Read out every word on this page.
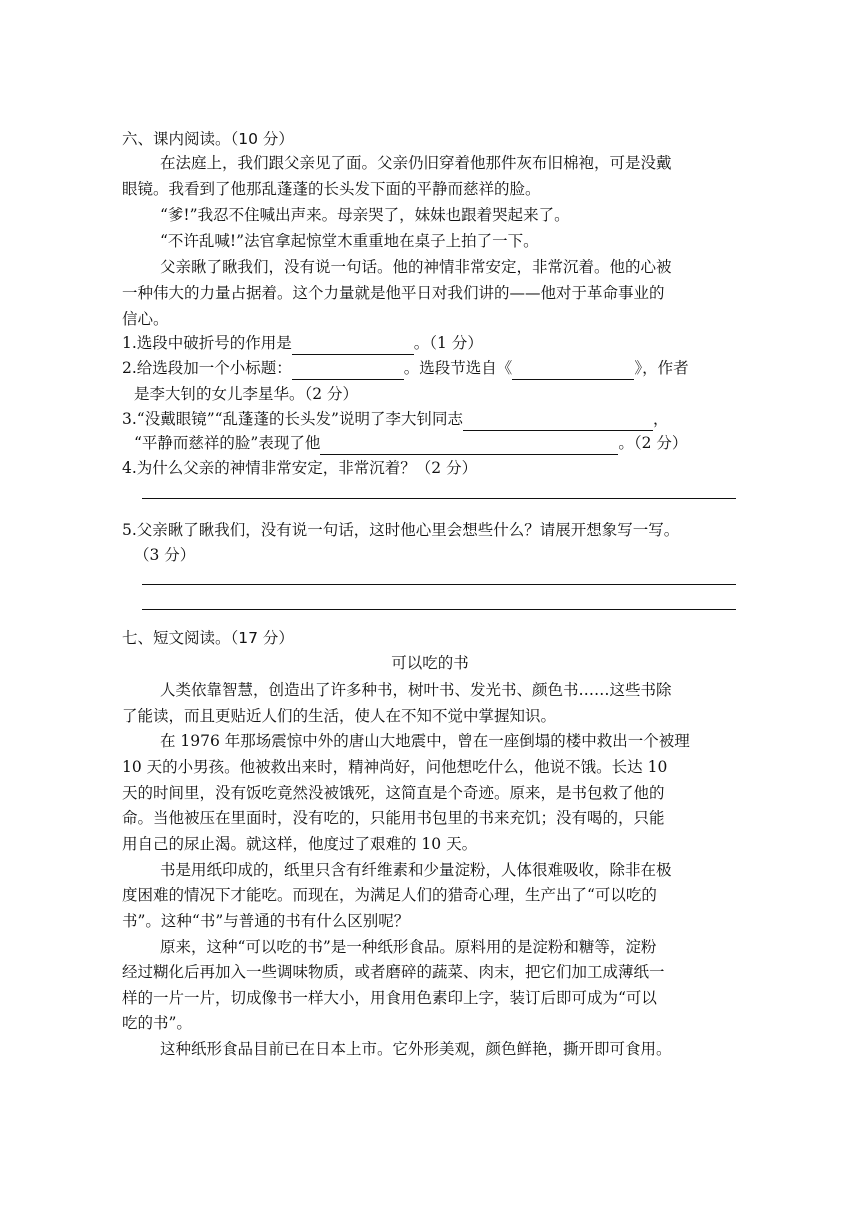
六、课内阅读。（10 分）
在法庭上，我们跟父亲见了面。父亲仍旧穿着他那件灰布旧棉袍，可是没戴
眼镜。我看到了他那乱蓬蓬的长头发下面的平静而慈祥的脸。
“爹!”我忍不住喊出声来。母亲哭了，妹妹也跟着哭起来了。
“不许乱喊!”法官拿起惊堂木重重地在桌子上拍了一下。
父亲瞅了瞅我们，没有说一句话。他的神情非常安定，非常沉着。他的心被
一种伟大的力量占据着。这个力量就是他平日对我们讲的——他对于革命事业的
信心。
1.选段中破折号的作用是	。（1 分）
2.给选段加一个小标题：	。选段节选自《	》，作者
是李大钊的女儿李星华。（2 分）
3.“没戴眼镜”“乱蓬蓬的长头发”说明了李大钊同志	，
“平静而慈祥的脸”表现了他	。（2 分）
4.为什么父亲的神情非常安定，非常沉着？（2 分）
5.父亲瞅了瞅我们，没有说一句话，这时他心里会想些什么？请展开想象写一写。
（3 分）
七、短文阅读。（17 分）
可以吃的书
人类依靠智慧，创造出了许多种书，树叶书、发光书、颜色书……这些书除
了能读，而且更贴近人们的生活，使人在不知不觉中掌握知识。
在 1976 年那场震惊中外的唐山大地震中，曾在一座倒塌的楼中救出一个被理
10 天的小男孩。他被救出来时，精神尚好，问他想吃什么，他说不饿。长达 10
天的时间里，没有饭吃竟然没被饿死，这简直是个奇迹。原来，是书包救了他的
命。当他被压在里面时，没有吃的，只能用书包里的书来充饥；没有喝的，只能
用自己的尿止渴。就这样，他度过了艰难的 10 天。
书是用纸印成的，纸里只含有纤维素和少量淀粉，人体很难吸收，除非在极
度困难的情况下才能吃。而现在，为满足人们的猎奇心理，生产出了“可以吃的
书”。这种“书”与普通的书有什么区别呢？
原来，这种“可以吃的书”是一种纸形食品。原料用的是淀粉和糖等，淀粉
经过糊化后再加入一些调味物质，或者磨碎的蔬菜、肉末，把它们加工成薄纸一
样的一片一片，切成像书一样大小，用食用色素印上字，装订后即可成为“可以
吃的书”。
这种纸形食品目前已在日本上市。它外形美观，颜色鲜艳，撕开即可食用。
